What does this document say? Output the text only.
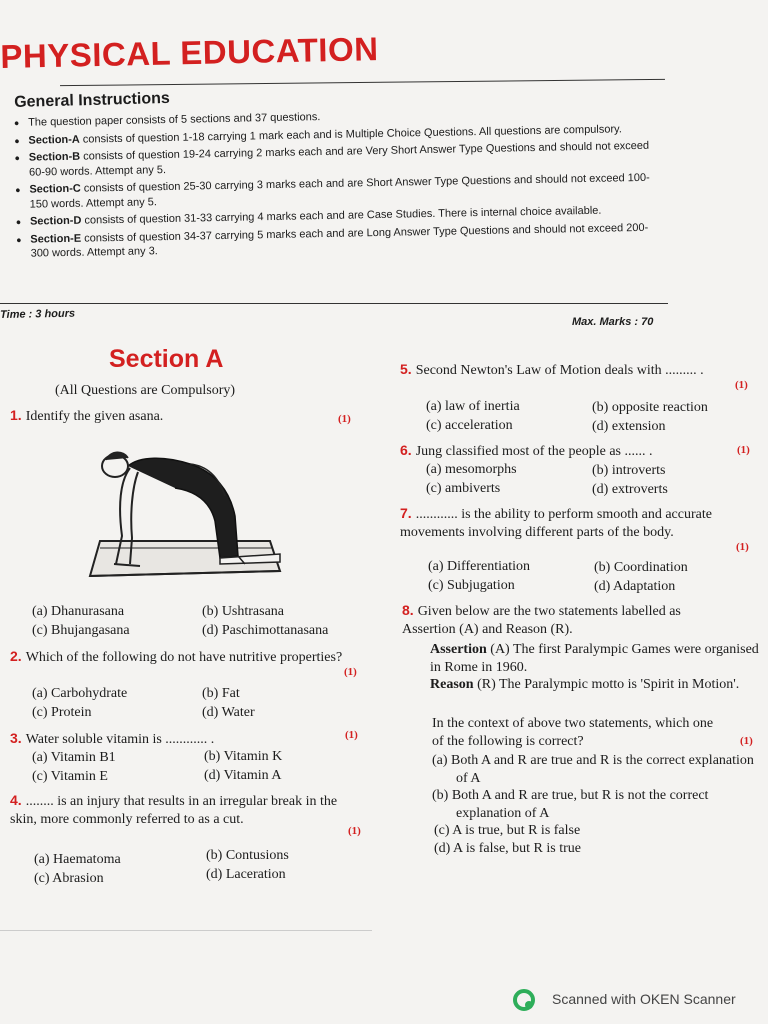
PHYSICAL EDUCATION
General Instructions
• The question paper consists of 5 sections and 37 questions.
• Section-A consists of question 1-18 carrying 1 mark each and is Multiple Choice Questions. All questions are compulsory.
• Section-B consists of question 19-24 carrying 2 marks each and are Very Short Answer Type Questions and should not exceed 60-90 words. Attempt any 5.
• Section-C consists of question 25-30 carrying 3 marks each and are Short Answer Type Questions and should not exceed 100-150 words. Attempt any 5.
• Section-D consists of question 31-33 carrying 4 marks each and are Case Studies. There is internal choice available.
• Section-E consists of question 34-37 carrying 5 marks each and are Long Answer Type Questions and should not exceed 200-300 words. Attempt any 3.
Time : 3 hours
Max. Marks : 70
Section A
(All Questions are Compulsory)
1. Identify the given asana.	(1)
(a) Dhanurasana	(b) Ushtrasana
(c) Bhujangasana	(d) Paschimottanasana
2. Which of the following do not have nutritive properties?
(1)
(a) Carbohydrate	(b) Fat
(c) Protein	(d) Water
3. Water soluble vitamin is ............ .	(1)
(a) Vitamin B1	(b) Vitamin K
(c) Vitamin E	(d) Vitamin A
4. ........ is an injury that results in an irregular break in the skin, more commonly referred to as a cut.
(1)
(a) Haematoma	(b) Contusions
(c) Abrasion	(d) Laceration
5. Second Newton's Law of Motion deals with ......... .
(1)
(a) law of inertia	(b) opposite reaction
(c) acceleration	(d) extension
6. Jung classified most of the people as ...... .	(1)
(a) mesomorphs	(b) introverts
(c) ambiverts	(d) extroverts
7. ............ is the ability to perform smooth and accurate movements involving different parts of the body.
(1)
(a) Differentiation	(b) Coordination
(c) Subjugation	(d) Adaptation
8. Given below are the two statements labelled as Assertion (A) and Reason (R).
Assertion (A) The first Paralympic Games were organised in Rome in 1960.
Reason (R) The Paralympic motto is 'Spirit in Motion'.
In the context of above two statements, which one of the following is correct?	(1)
(a) Both A and R are true and R is the correct explanation of A
(b) Both A and R are true, but R is not the correct explanation of A
(c) A is true, but R is false
(d) A is false, but R is true
Scanned with OKEN Scanner
